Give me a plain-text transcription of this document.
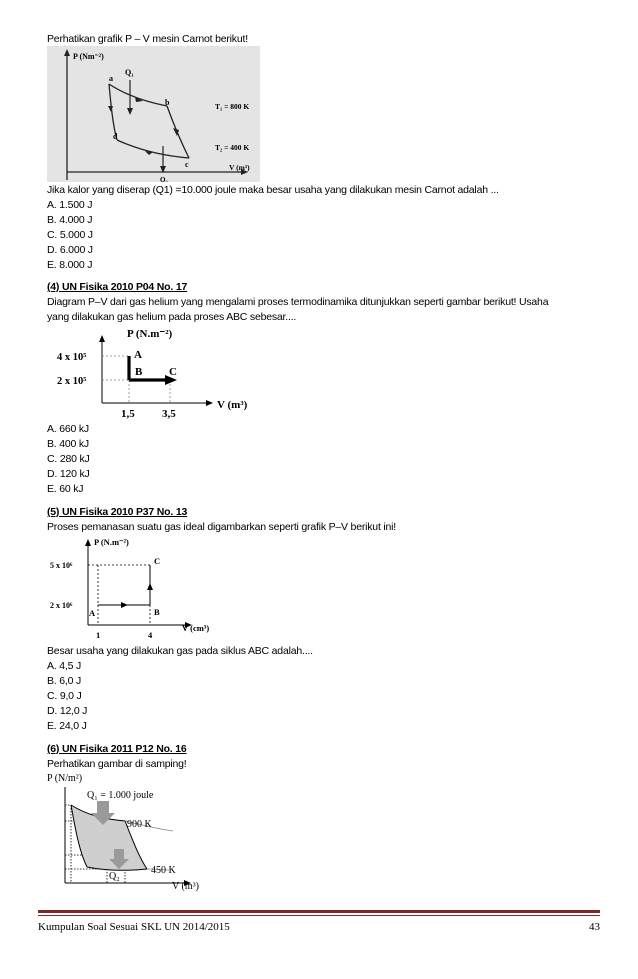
Perhatikan grafik P – V mesin Carnot berikut!
P (Nm⁻²)
V (m³)
Q₁
Q₂
a
b
c
d
T₁ = 800 K
T₂ = 400 K
Jika kalor yang diserap (Q1) =10.000 joule maka besar usaha yang dilakukan mesin Carnot adalah ...
A. 1.500 J
B. 4.000 J
C. 5.000 J
D. 6.000 J
E. 8.000 J
(4) UN Fisika 2010 P04 No. 17
Diagram P–V dari gas helium yang mengalami proses termodinamika ditunjukkan seperti gambar berikut! Usaha
yang dilakukan gas helium pada proses ABC sebesar....
P (N.m⁻²)
V (m³)
4 x 10⁵
2 x 10⁵
A
B C
1,5 3,5
A. 660 kJ
B. 400 kJ
C. 280 kJ
D. 120 kJ
E. 60 kJ
(5) UN Fisika 2010 P37 No. 13
Proses pemanasan suatu gas ideal digambarkan seperti grafik P–V berikut ini!
P (N.m⁻²)
V (cm³)
5 x 10⁶
2 x 10⁶
A	B
C
1	4
Besar usaha yang dilakukan gas pada siklus ABC adalah....
A. 4,5 J
B. 6,0 J
C. 9,0 J
D. 12,0 J
E. 24,0 J
(6) UN Fisika 2011 P12 No. 16
Perhatikan gambar di samping!
P (N/m²)
V (m³)
Q₁ = 1.000 joule
900 K
450 K
Q₂
Kumpulan Soal Sesuai SKL UN 2014/2015	43
